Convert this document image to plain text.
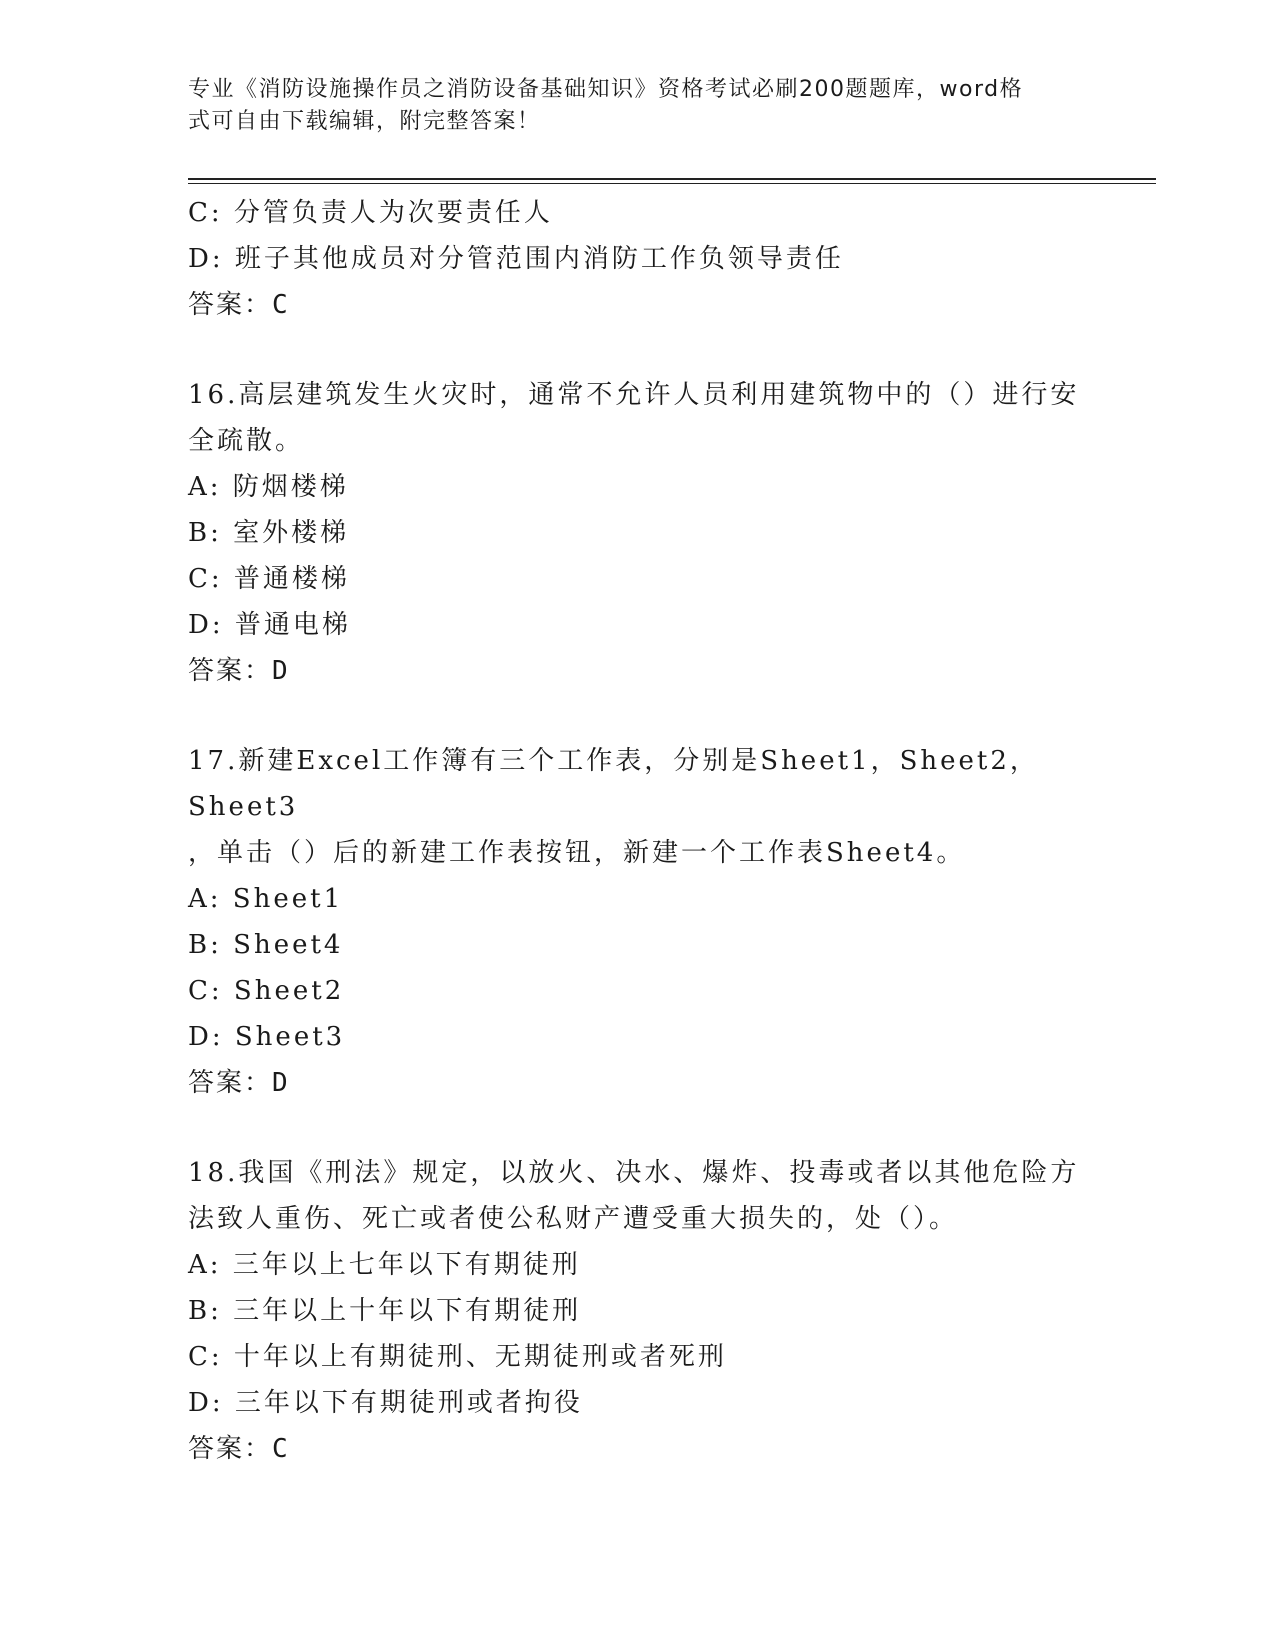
专业《消防设施操作员之消防设备基础知识》资格考试必刷200题题库，word格
式可自由下载编辑，附完整答案！
C: 分管负责人为次要责任人
D: 班子其他成员对分管范围内消防工作负领导责任
答案：C
16.高层建筑发生火灾时，通常不允许人员利用建筑物中的（）进行安
全疏散。
A: 防烟楼梯
B: 室外楼梯
C: 普通楼梯
D: 普通电梯
答案：D
17.新建Excel工作簿有三个工作表，分别是Sheet1，Sheet2，Sheet3
，单击（）后的新建工作表按钮，新建一个工作表Sheet4。
A: Sheet1
B: Sheet4
C: Sheet2
D: Sheet3
答案：D
18.我国《刑法》规定，以放火、决水、爆炸、投毒或者以其他危险方
法致人重伤、死亡或者使公私财产遭受重大损失的，处（）。
A: 三年以上七年以下有期徒刑
B: 三年以上十年以下有期徒刑
C: 十年以上有期徒刑、无期徒刑或者死刑
D: 三年以下有期徒刑或者拘役
答案：C
